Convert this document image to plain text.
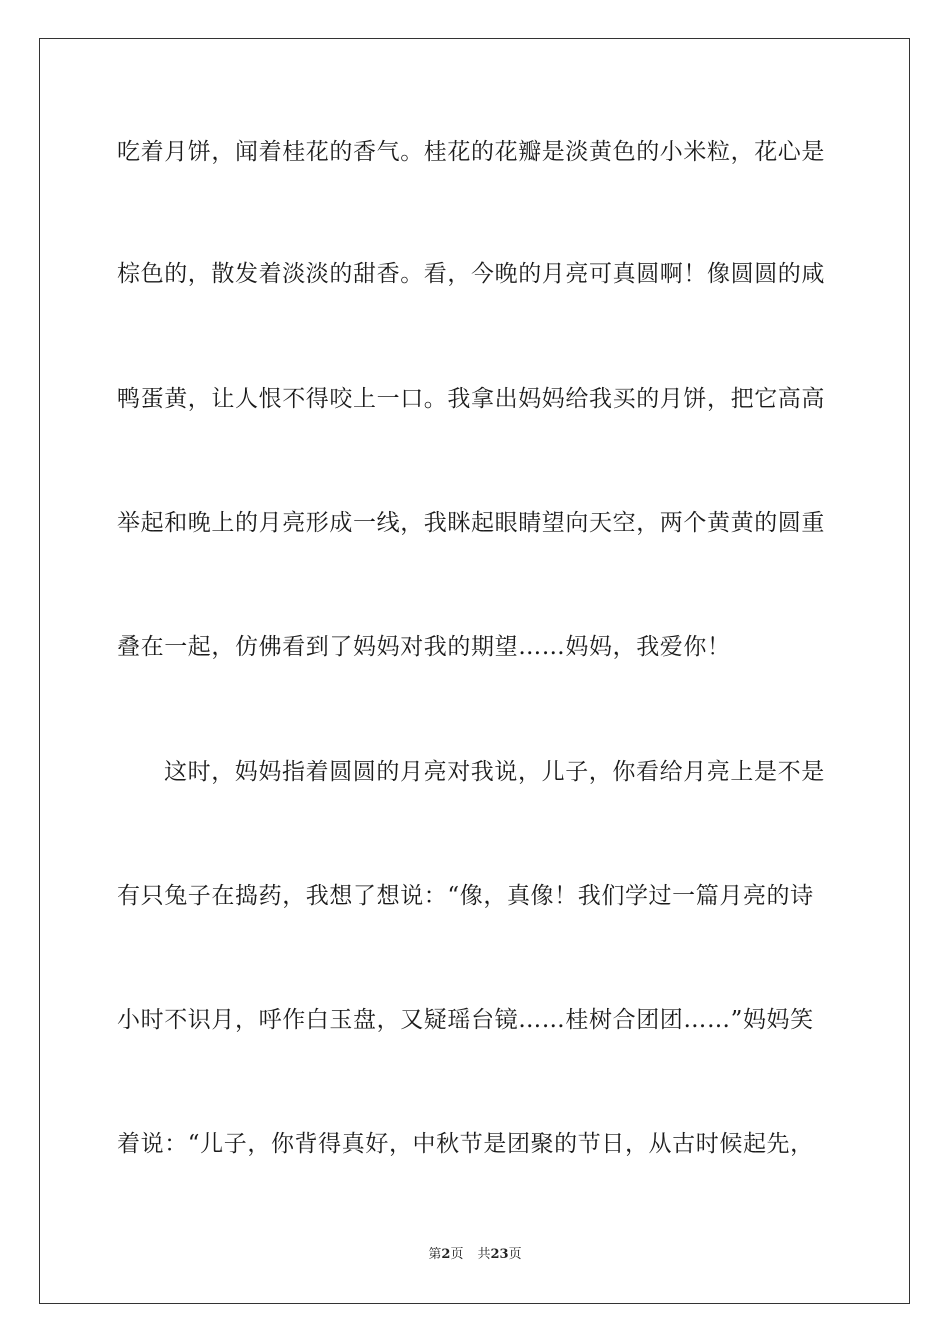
吃着月饼，闻着桂花的香气。桂花的花瓣是淡黄色的小米粒，花心是
棕色的，散发着淡淡的甜香。看，今晚的月亮可真圆啊！像圆圆的咸
鸭蛋黄，让人恨不得咬上一口。我拿出妈妈给我买的月饼，把它高高
举起和晚上的月亮形成一线，我眯起眼睛望向天空，两个黄黄的圆重
叠在一起，仿佛看到了妈妈对我的期望……妈妈，我爱你！
这时，妈妈指着圆圆的月亮对我说，儿子，你看给月亮上是不是
有只兔子在捣药，我想了想说：“像，真像！我们学过一篇月亮的诗
小时不识月，呼作白玉盘，又疑瑶台镜……桂树合团团……”妈妈笑
着说：“儿子，你背得真好，中秋节是团聚的节日，从古时候起先，
第2页 共23页
